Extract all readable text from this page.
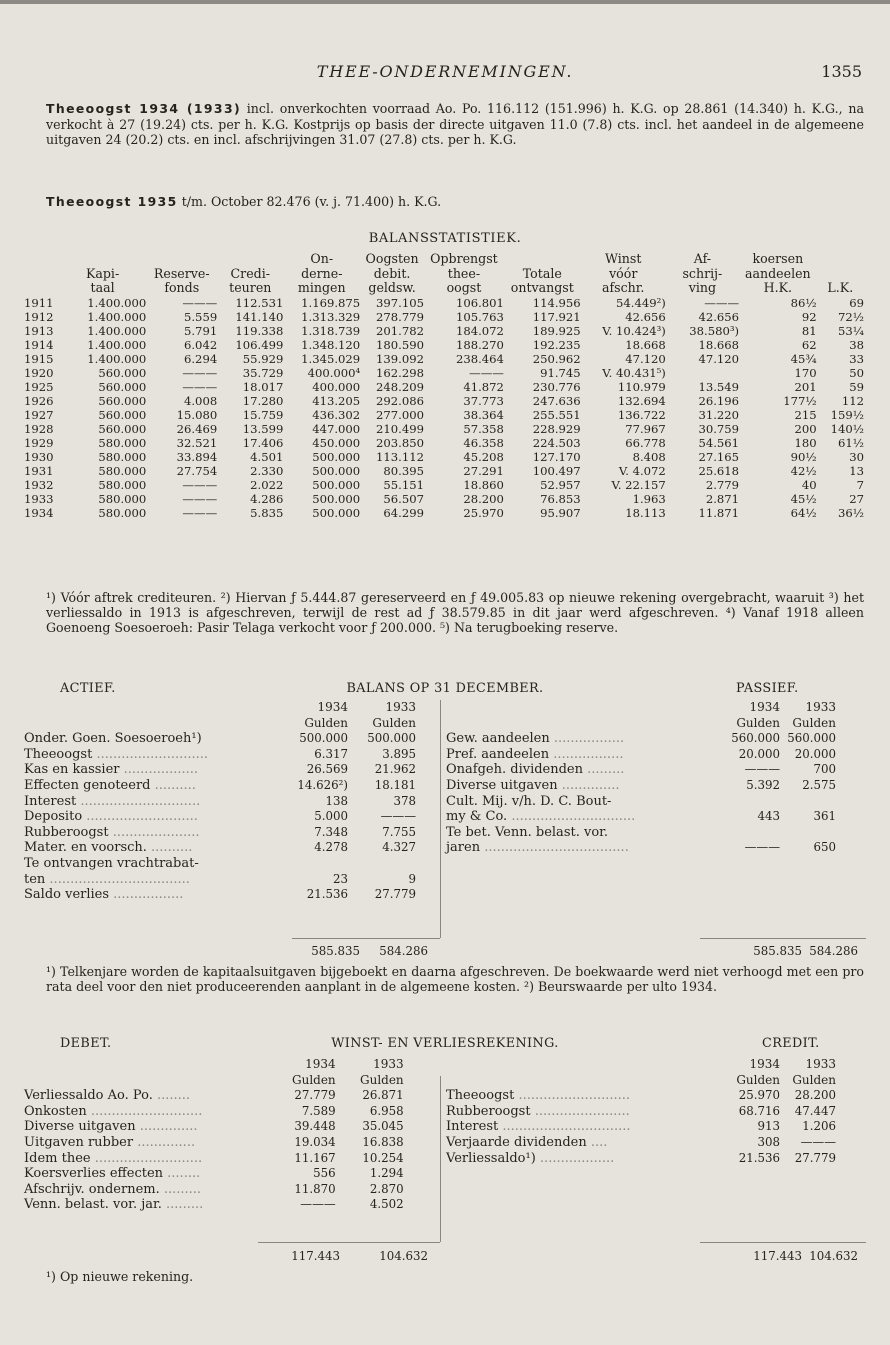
THEE-ONDERNEMINGEN.	1355
Theeoogst 1934 (1933) incl. onverkochten voorraad Ao. Po. 116.112 (151.996) h. K.G. op 28.861 (14.340) h. K.G., na verkocht à 27 (19.24) cts. per h. K.G. Kostprijs op basis der directe uitgaven 11.0 (7.8) cts. incl. het aandeel in de algemeene uitgaven 24 (20.2) cts. en incl. afschrijvingen 31.07 (27.8) cts. per h. K.G.
Theeoogst 1935 t/m. October 82.476 (v. j. 71.400) h. K.G.
BALANSSTATISTIEK.
				On-	Oogsten	Opbrengst		Winst	Af-	koersen	
	Kapi-	Reserve-	Credi-	derne-	debit.	thee-	Totale	vóór	schrij-	aandeelen	
	taal	fonds	teuren	mingen	geldsw.	oogst	ontvangst	afschr.	ving	H.K.	L.K.
1911	1.400.000	———	112.531	1.169.875	397.105	106.801	114.956	54.449²)	———	86½	69
1912	1.400.000	5.559	141.140	1.313.329	278.779	105.763	117.921	42.656	42.656	92	72½
1913	1.400.000	5.791	119.338	1.318.739	201.782	184.072	189.925	V. 10.424³)	38.580³)	81	53¼
1914	1.400.000	6.042	106.499	1.348.120	180.590	188.270	192.235	18.668	18.668	62	38
1915	1.400.000	6.294	55.929	1.345.029	139.092	238.464	250.962	47.120	47.120	45¾	33
1920	560.000	———	35.729	400.000⁴	162.298	———	91.745	V. 40.431⁵)		170	50
1925	560.000	———	18.017	400.000	248.209	41.872	230.776	110.979	13.549	201	59
1926	560.000	4.008	17.280	413.205	292.086	37.773	247.636	132.694	26.196	177½	112
1927	560.000	15.080	15.759	436.302	277.000	38.364	255.551	136.722	31.220	215	159½
1928	560.000	26.469	13.599	447.000	210.499	57.358	228.929	77.967	30.759	200	140½
1929	580.000	32.521	17.406	450.000	203.850	46.358	224.503	66.778	54.561	180	61½
1930	580.000	33.894	4.501	500.000	113.112	45.208	127.170	8.408	27.165	90½	30
1931	580.000	27.754	2.330	500.000	80.395	27.291	100.497	V. 4.072	25.618	42½	13
1932	580.000	———	2.022	500.000	55.151	18.860	52.957	V. 22.157	2.779	40	7
1933	580.000	———	4.286	500.000	56.507	28.200	76.853	1.963	2.871	45½	27
1934	580.000	———	5.835	500.000	64.299	25.970	95.907	18.113	11.871	64½	36½
¹) Vóór aftrek crediteuren. ²) Hiervan ƒ 5.444.87 gereserveerd en ƒ 49.005.83 op nieuwe rekening overgebracht, waaruit ³) het verliessaldo in 1913 is afgeschreven, terwijl de rest ad ƒ 38.579.85 in dit jaar werd afgeschreven. ⁴) Vanaf 1918 alleen Goenoeng Soesoeroeh: Pasir Telaga verkocht voor ƒ 200.000. ⁵) Na terugboeking reserve.
ACTIEF.	BALANS OP 31 DECEMBER.	PASSIEF.
	1934	1933
	Gulden	Gulden
Onder. Goen. Soesoeroeh¹)	500.000	500.000
Theeoogst ...........................	6.317	3.895
Kas en kassier ..................	26.569	21.962
Effecten genoteerd ..........	14.626²)	18.181
Interest .............................	138	378
Deposito ...........................	5.000	———
Rubberoogst .....................	7.348	7.755
Mater. en voorsch. ..........	4.278	4.327
Te ontvangen vrachtrabat-		
ten ..................................	23	9
Saldo verlies .................	21.536	27.779
	1934	1933
	Gulden	Gulden
Gew. aandeelen .................	560.000	560.000
Pref. aandeelen .................	20.000	20.000
Onafgeh. dividenden .........	———	700
Diverse uitgaven ..............	5.392	2.575
Cult. Mij. v/h. D. C. Bout-		
my & Co. ..............................	443	361
Te bet. Venn. belast. vor.		
jaren ...................................	———	650
585.835 584.286	585.835 584.286
¹) Telkenjare worden de kapitaalsuitgaven bijgeboekt en daarna afgeschreven. De boekwaarde werd niet verhoogd met een pro rata deel voor den niet produceerenden aanplant in de algemeene kosten. ²) Beurswaarde per ulto 1934.
DEBET.	WINST- EN VERLIESREKENING.	CREDIT.
	1934	1933
	Gulden	Gulden
Verliessaldo Ao. Po. ........	27.779	26.871
Onkosten ...........................	7.589	6.958
Diverse uitgaven ..............	39.448	35.045
Uitgaven rubber ..............	19.034	16.838
Idem thee ..........................	11.167	10.254
Koersverlies effecten ........	556	1.294
Afschrijv. ondernem. .........	11.870	2.870
Venn. belast. vor. jar. .........	———	4.502
	1934	1933
	Gulden	Gulden
Theeoogst ...........................	25.970	28.200
Rubberoogst .......................	68.716	47.447
Interest ...............................	913	1.206
Verjaarde dividenden ....	308	———
Verliessaldo¹) ..................	21.536	27.779
117.443	104.632	117.443 104.632
¹) Op nieuwe rekening.
